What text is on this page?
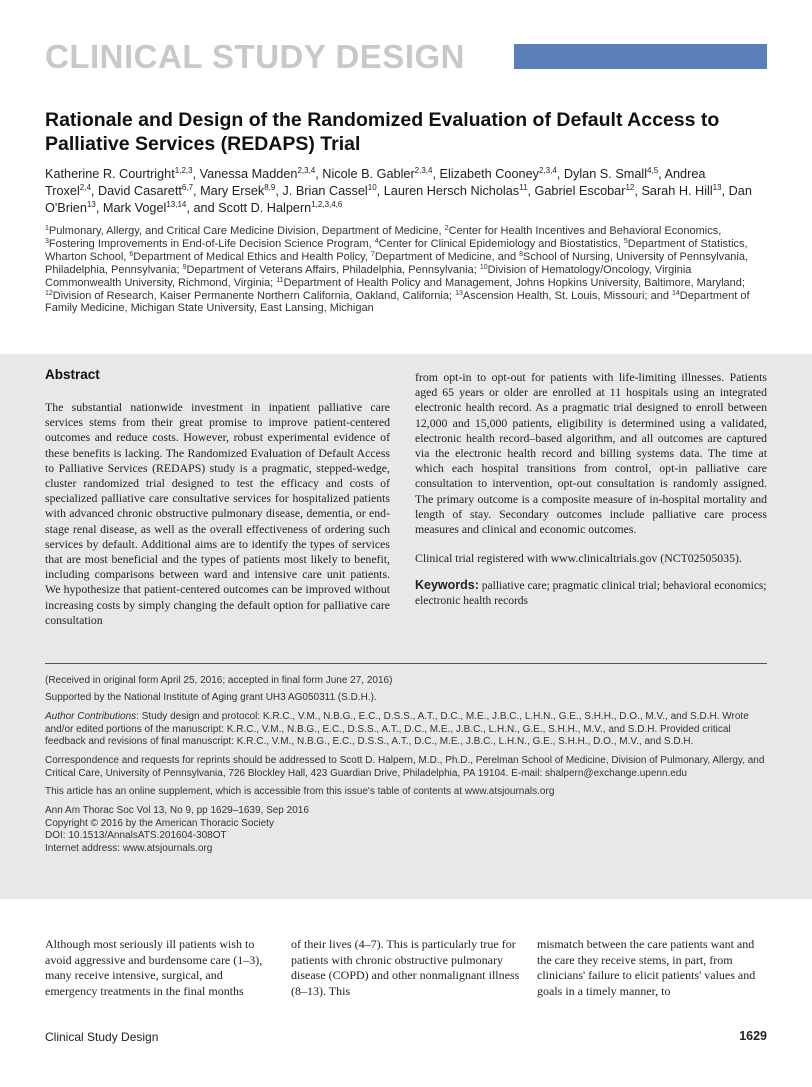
CLINICAL STUDY DESIGN
Rationale and Design of the Randomized Evaluation of Default Access to Palliative Services (REDAPS) Trial
Katherine R. Courtright$^{1,2,3}$, Vanessa Madden$^{2,3,4}$, Nicole B. Gabler$^{2,3,4}$, Elizabeth Cooney$^{2,3,4}$, Dylan S. Small$^{4,5}$, Andrea Troxel$^{2,4}$, David Casarett$^{6,7}$, Mary Ersek$^{8,9}$, J. Brian Cassel$^{10}$, Lauren Hersch Nicholas$^{11}$, Gabriel Escobar$^{12}$, Sarah H. Hill$^{13}$, Dan O'Brien$^{13}$, Mark Vogel$^{13,14}$, and Scott D. Halpern$^{1,2,3,4,6}$
$^1$Pulmonary, Allergy, and Critical Care Medicine Division, Department of Medicine, $^2$Center for Health Incentives and Behavioral Economics, $^3$Fostering Improvements in End-of-Life Decision Science Program, $^4$Center for Clinical Epidemiology and Biostatistics, $^5$Department of Statistics, Wharton School, $^6$Department of Medical Ethics and Health Policy, $^7$Department of Medicine, and $^8$School of Nursing, University of Pennsylvania, Philadelphia, Pennsylvania; $^9$Department of Veterans Affairs, Philadelphia, Pennsylvania; $^{10}$Division of Hematology/Oncology, Virginia Commonwealth University, Richmond, Virginia; $^{11}$Department of Health Policy and Management, Johns Hopkins University, Baltimore, Maryland; $^{12}$Division of Research, Kaiser Permanente Northern California, Oakland, California; $^{13}$Ascension Health, St. Louis, Missouri; and $^{14}$Department of Family Medicine, Michigan State University, East Lansing, Michigan
Abstract

The substantial nationwide investment in inpatient palliative care services stems from their great promise to improve patient-centered outcomes and reduce costs. However, robust experimental evidence of these benefits is lacking. The Randomized Evaluation of Default Access to Palliative Services (REDAPS) study is a pragmatic, stepped-wedge, cluster randomized trial designed to test the efficacy and costs of specialized palliative care consultative services for hospitalized patients with advanced chronic obstructive pulmonary disease, dementia, or end-stage renal disease, as well as the overall effectiveness of ordering such services by default. Additional aims are to identify the types of services that are most beneficial and the types of patients most likely to benefit, including comparisons between ward and intensive care unit patients. We hypothesize that patient-centered outcomes can be improved without increasing costs by simply changing the default option for palliative care consultation

from opt-in to opt-out for patients with life-limiting illnesses. Patients aged 65 years or older are enrolled at 11 hospitals using an integrated electronic health record. As a pragmatic trial designed to enroll between 12,000 and 15,000 patients, eligibility is determined using a validated, electronic health record–based algorithm, and all outcomes are captured via the electronic health record and billing systems data. The time at which each hospital transitions from control, opt-in palliative care consultation to intervention, opt-out consultation is randomly assigned. The primary outcome is a composite measure of in-hospital mortality and length of stay. Secondary outcomes include palliative care process measures and clinical and economic outcomes.

Clinical trial registered with www.clinicaltrials.gov (NCT02505035).

Keywords: palliative care; pragmatic clinical trial; behavioral economics; electronic health records
(Received in original form April 25, 2016; accepted in final form June 27, 2016)
Supported by the National Institute of Aging grant UH3 AG050311 (S.D.H.).
Author Contributions: Study design and protocol: K.R.C., V.M., N.B.G., E.C., D.S.S., A.T., D.C., M.E., J.B.C., L.H.N., G.E., S.H.H., D.O., M.V., and S.D.H. Wrote and/or edited portions of the manuscript: K.R.C., V.M., N.B.G., E.C., D.S.S., A.T., D.C., M.E., J.B.C., L.H.N., G.E., S.H.H., M.V., and S.D.H. Provided critical feedback and revisions of final manuscript: K.R.C., V.M., N.B.G., E.C., D.S.S., A.T., D.C., M.E., J.B.C., L.H.N., G.E., S.H.H., D.O., M.V., and S.D.H.
Correspondence and requests for reprints should be addressed to Scott D. Halpern, M.D., Ph.D., Perelman School of Medicine, Division of Pulmonary, Allergy, and Critical Care, University of Pennsylvania, 726 Blockley Hall, 423 Guardian Drive, Philadelphia, PA 19104. E-mail: shalpern@exchange.upenn.edu
This article has an online supplement, which is accessible from this issue's table of contents at www.atsjournals.org
Ann Am Thorac Soc Vol 13, No 9, pp 1629–1639, Sep 2016
Copyright © 2016 by the American Thoracic Society
DOI: 10.1513/AnnalsATS.201604-308OT
Internet address: www.atsjournals.org
Although most seriously ill patients wish to avoid aggressive and burdensome care (1–3), many receive intensive, surgical, and emergency treatments in the final months
of their lives (4–7). This is particularly true for patients with chronic obstructive pulmonary disease (COPD) and other nonmalignant illness (8–13). This
mismatch between the care patients want and the care they receive stems, in part, from clinicians' failure to elicit patients' values and goals in a timely manner, to
Clinical Study Design	1629
